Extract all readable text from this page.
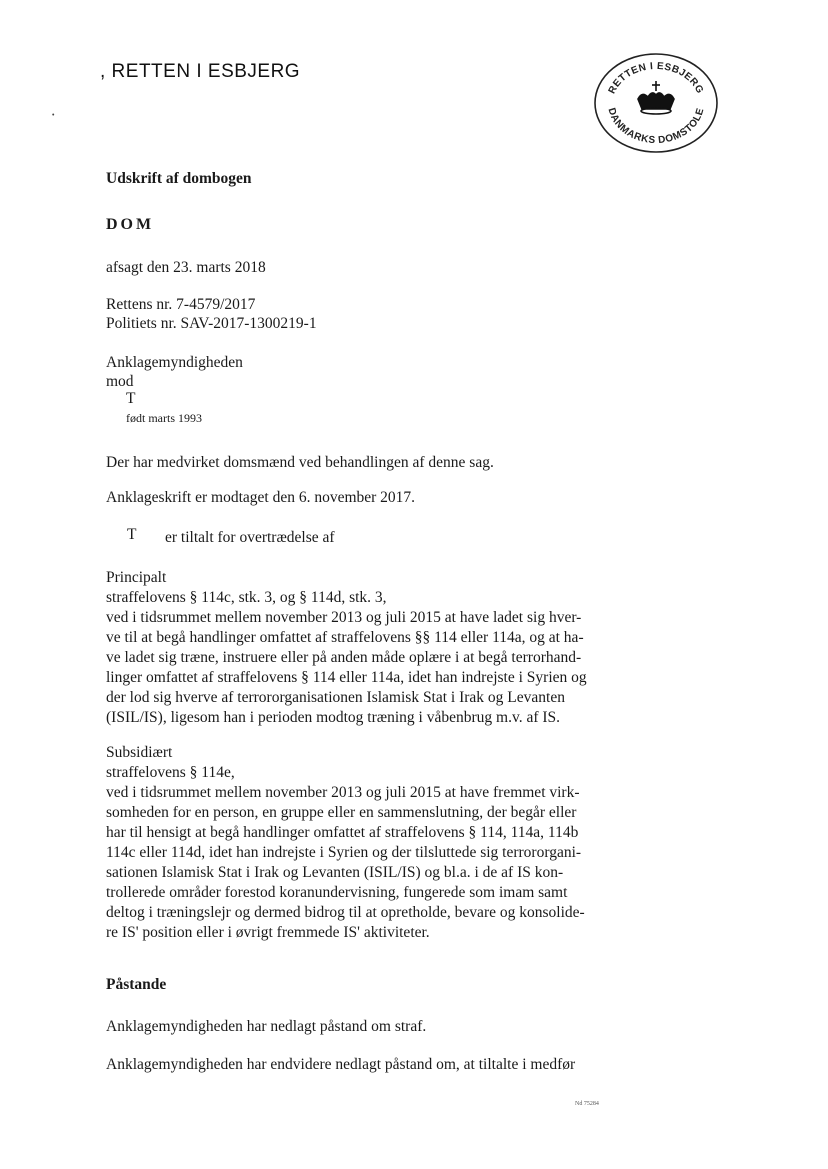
, RETTEN I ESBJERG
•
RETTEN I ESBJERG
DANMARKS DOMSTOLE
Udskrift af dombogen
DOM
afsagt den 23. marts 2018
Rettens nr. 7-4579/2017
Politiets nr. SAV-2017-1300219-1
Anklagemyndigheden
mod
T
født marts 1993
Der har medvirket domsmænd ved behandlingen af denne sag.
Anklageskrift er modtaget den 6. november 2017.
T er tiltalt for overtrædelse af
Principalt
straffelovens § 114c, stk. 3, og § 114d, stk. 3,
ved i tidsrummet mellem november 2013 og juli 2015 at have ladet sig hver-
ve til at begå handlinger omfattet af straffelovens §§ 114 eller 114a, og at ha-
ve ladet sig træne, instruere eller på anden måde oplære i at begå terrorhand-
linger omfattet af straffelovens § 114 eller 114a, idet han indrejste i Syrien og
der lod sig hverve af terrororganisationen Islamisk Stat i Irak og Levanten
(ISIL/IS), ligesom han i perioden modtog træning i våbenbrug m.v. af IS.
Subsidiært
straffelovens § 114e,
ved i tidsrummet mellem november 2013 og juli 2015 at have fremmet virk-
somheden for en person, en gruppe eller en sammenslutning, der begår eller
har til hensigt at begå handlinger omfattet af straffelovens § 114, 114a, 114b
114c eller 114d, idet han indrejste i Syrien og der tilsluttede sig terrororgani-
sationen Islamisk Stat i Irak og Levanten (ISIL/IS) og bl.a. i de af IS kon-
trollerede områder forestod koranundervisning, fungerede som imam samt
deltog i træningslejr og dermed bidrog til at opretholde, bevare og konsolide-
re IS' position eller i øvrigt fremmede IS' aktiviteter.
Påstande
Anklagemyndigheden har nedlagt påstand om straf.
Anklagemyndigheden har endvidere nedlagt påstand om, at tiltalte i medfør
Nd 75284
